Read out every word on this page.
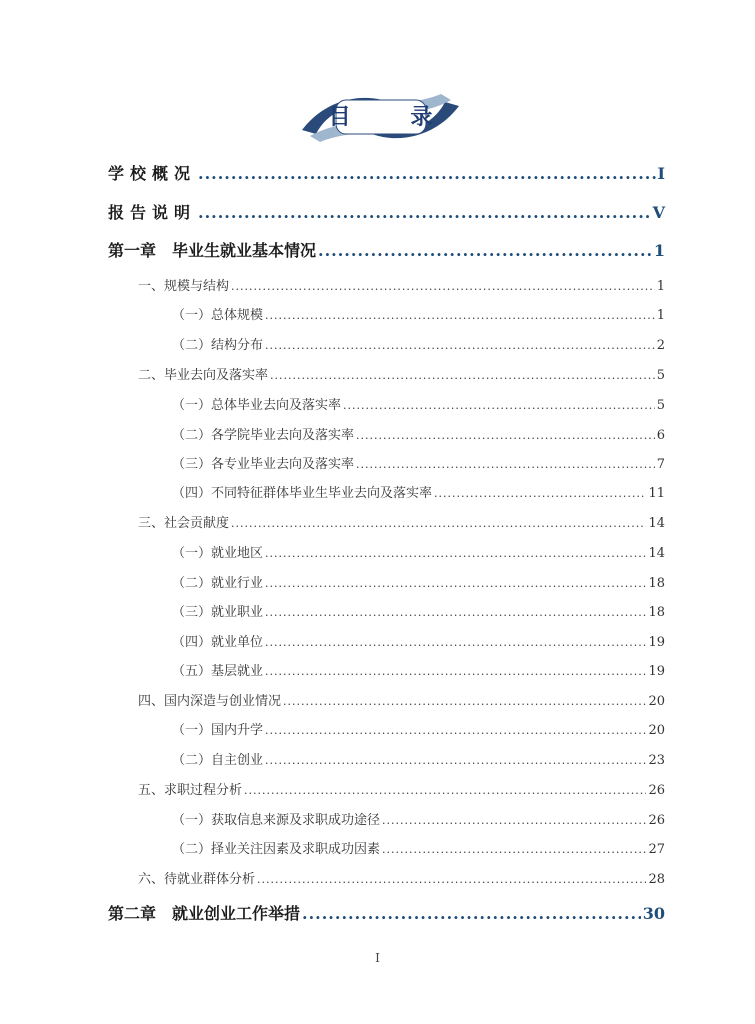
目 录
学校概况 .....	I
报告说明 .....	V
第一章　毕业生就业基本情况 .....	1
一、规模与结构 .....	1
（一）总体规模 .....	1
（二）结构分布 .....	2
二、毕业去向及落实率 .....	5
（一）总体毕业去向及落实率 .....	5
（二）各学院毕业去向及落实率 .....	6
（三）各专业毕业去向及落实率 .....	7
（四）不同特征群体毕业生毕业去向及落实率 .....	11
三、社会贡献度 .....	14
（一）就业地区 .....	14
（二）就业行业 .....	18
（三）就业职业 .....	18
（四）就业单位 .....	19
（五）基层就业 .....	19
四、国内深造与创业情况 .....	20
（一）国内升学 .....	20
（二）自主创业 .....	23
五、求职过程分析 .....	26
（一）获取信息来源及求职成功途径 .....	26
（二）择业关注因素及求职成功因素 .....	27
六、待就业群体分析 .....	28
第二章　就业创业工作举措 .....	30
I
